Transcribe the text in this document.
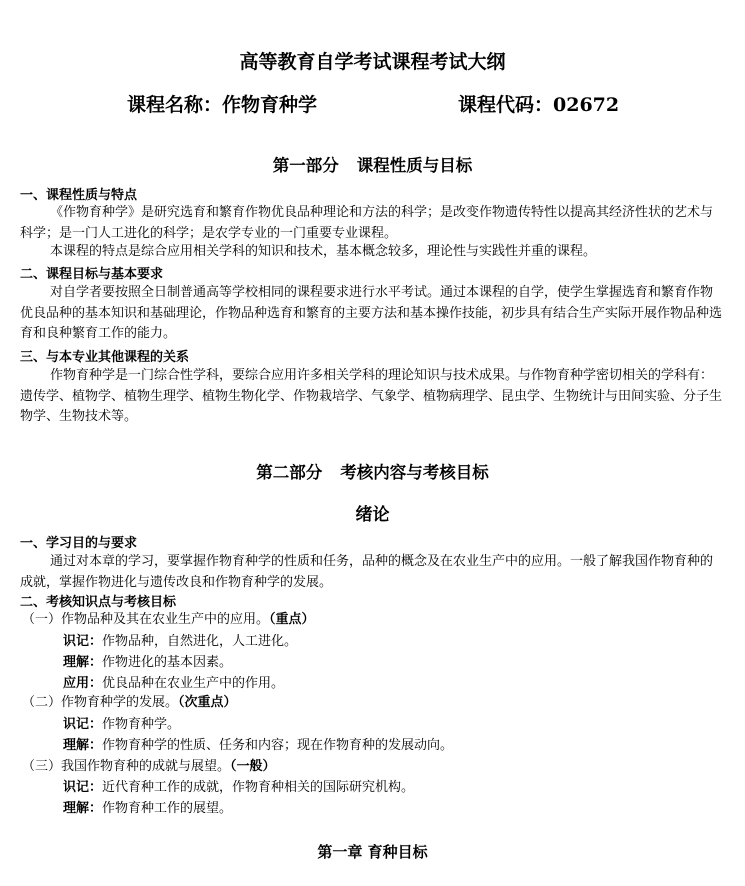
高等教育自学考试课程考试大纲
课程名称：作物育种学	课程代码：02672
第一部分 课程性质与目标
一、课程性质与特点
《作物育种学》是研究选育和繁育作物优良品种理论和方法的科学；是改变作物遗传特性以提高其经济性状的艺术与科学；是一门人工进化的科学；是农学专业的一门重要专业课程。
本课程的特点是综合应用相关学科的知识和技术，基本概念较多，理论性与实践性并重的课程。
二、课程目标与基本要求
对自学者要按照全日制普通高等学校相同的课程要求进行水平考试。通过本课程的自学，使学生掌握选育和繁育作物优良品种的基本知识和基础理论，作物品种选育和繁育的主要方法和基本操作技能，初步具有结合生产实际开展作物品种选育和良种繁育工作的能力。
三、与本专业其他课程的关系
作物育种学是一门综合性学科，要综合应用许多相关学科的理论知识与技术成果。与作物育种学密切相关的学科有：遗传学、植物学、植物生理学、植物生物化学、作物栽培学、气象学、植物病理学、昆虫学、生物统计与田间实验、分子生物学、生物技术等。
第二部分 考核内容与考核目标
绪论
一、学习目的与要求
通过对本章的学习，要掌握作物育种学的性质和任务，品种的概念及在农业生产中的应用。一般了解我国作物育种的成就，掌握作物进化与遗传改良和作物育种学的发展。
二、考核知识点与考核目标
（一）作物品种及其在农业生产中的应用。（重点）
识记：作物品种，自然进化，人工进化。
理解：作物进化的基本因素。
应用：优良品种在农业生产中的作用。
（二）作物育种学的发展。（次重点）
识记：作物育种学。
理解：作物育种学的性质、任务和内容；现在作物育种的发展动向。
（三）我国作物育种的成就与展望。（一般）
识记：近代育种工作的成就，作物育种相关的国际研究机构。
理解：作物育种工作的展望。
第一章 育种目标
